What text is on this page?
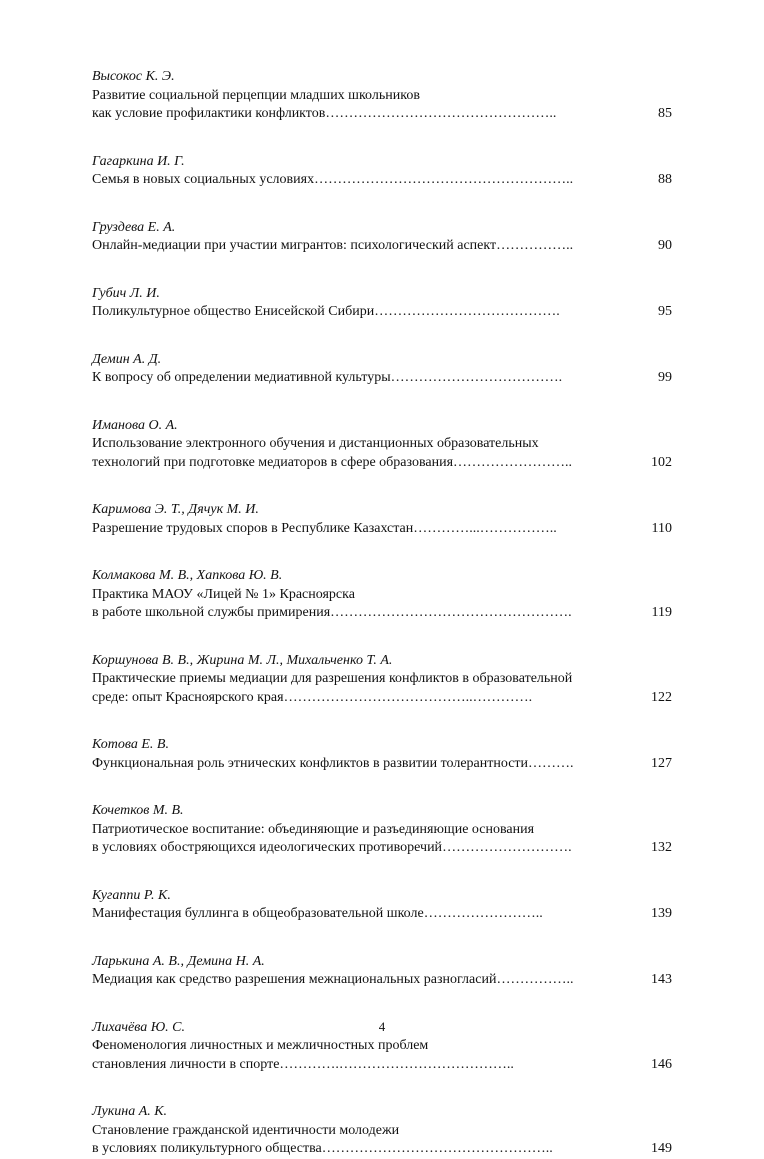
Высокос К. Э.
Развитие социальной перцепции младших школьников
как условие профилактики конфликтов …………………………………………..	85
Гагаркина И. Г.
Семья в новых социальных условиях ………………………………………………..	88
Груздева Е. А.
Онлайн-медиации при участии мигрантов: психологический аспект ……………..	90
Губич Л. И.
Поликультурное общество Енисейской Сибири ………………………………….	95
Демин А. Д.
К вопросу об определении медиативной культуры ……………………………….	99
Иманова О. А.
Использование электронного обучения и дистанционных образовательных
технологий при подготовке медиаторов в сфере образования ……………………..	102
Каримова Э. Т., Дячук М. И.
Разрешение трудовых споров в Республике Казахстан …………...……………..	110
Колмакова М. В., Хапкова Ю. В.
Практика МАОУ «Лицей № 1» Красноярска
в работе школьной службы примирения …………………………………………….	119
Коршунова В. В., Жирина М. Л., Михальченко Т. А.
Практические приемы медиации для разрешения конфликтов в образовательной
среде: опыт Красноярского края …………………………………..………….	122
Котова Е. В.
Функциональная роль этнических конфликтов в развитии толерантности ……….	127
Кочетков М. В.
Патриотическое воспитание: объединяющие и разъединяющие основания
в условиях обостряющихся идеологических противоречий ……………………….	132
Кугаппи Р. К.
Манифестация буллинга в общеобразовательной школе ……………………..	139
Ларькина А. В., Демина Н. А.
Медиация как средство разрешения межнациональных разногласий ……………..	143
Лихачёва Ю. С.
Феноменология личностных и межличностных проблем
становления личности в спорте ………….………………………………..	146
Лукина А. К.
Становление гражданской идентичности молодежи
в условиях поликультурного общества …………………………………………..	149
4
